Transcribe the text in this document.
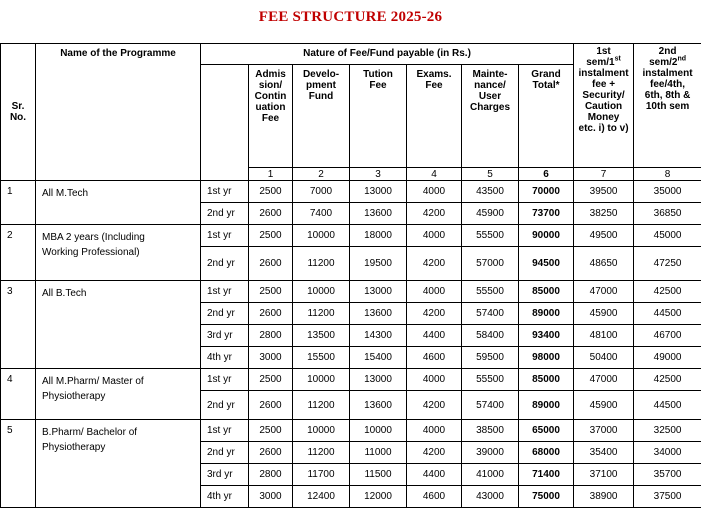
FEE STRUCTURE 2025-26
Sr. No.	Name of the Programme	Nature of Fee/Fund payable (in Rs.)							1st sem/1st instalment fee + Security/ Caution Money etc. i) to v)	2nd sem/2nd instalment fee/4th, 6th, 8th & 10th sem
			Admis sion/ Contin uation Fee	Develo- pment Fund	Tution Fee	Exams. Fee	Mainte- nance/ User Charges	Grand Total*		
			1	2	3	4	5	6	7	8
1	All M.Tech	1st yr	2500	7000	13000	4000	43500	70000	39500	35000
		2nd yr	2600	7400	13600	4200	45900	73700	38250	36850
2	MBA 2 years (Including Working Professional)	1st yr	2500	10000	18000	4000	55500	90000	49500	45000
		2nd yr	2600	11200	19500	4200	57000	94500	48650	47250
3	All B.Tech	1st yr	2500	10000	13000	4000	55500	85000	47000	42500
		2nd yr	2600	11200	13600	4200	57400	89000	45900	44500
		3rd yr	2800	13500	14300	4400	58400	93400	48100	46700
		4th yr	3000	15500	15400	4600	59500	98000	50400	49000
4	All M.Pharm/ Master of Physiotherapy	1st yr	2500	10000	13000	4000	55500	85000	47000	42500
		2nd yr	2600	11200	13600	4200	57400	89000	45900	44500
5	B.Pharm/ Bachelor of Physiotherapy	1st yr	2500	10000	10000	4000	38500	65000	37000	32500
		2nd yr	2600	11200	11000	4200	39000	68000	35400	34000
		3rd yr	2800	11700	11500	4400	41000	71400	37100	35700
		4th yr	3000	12400	12000	4600	43000	75000	38900	37500
